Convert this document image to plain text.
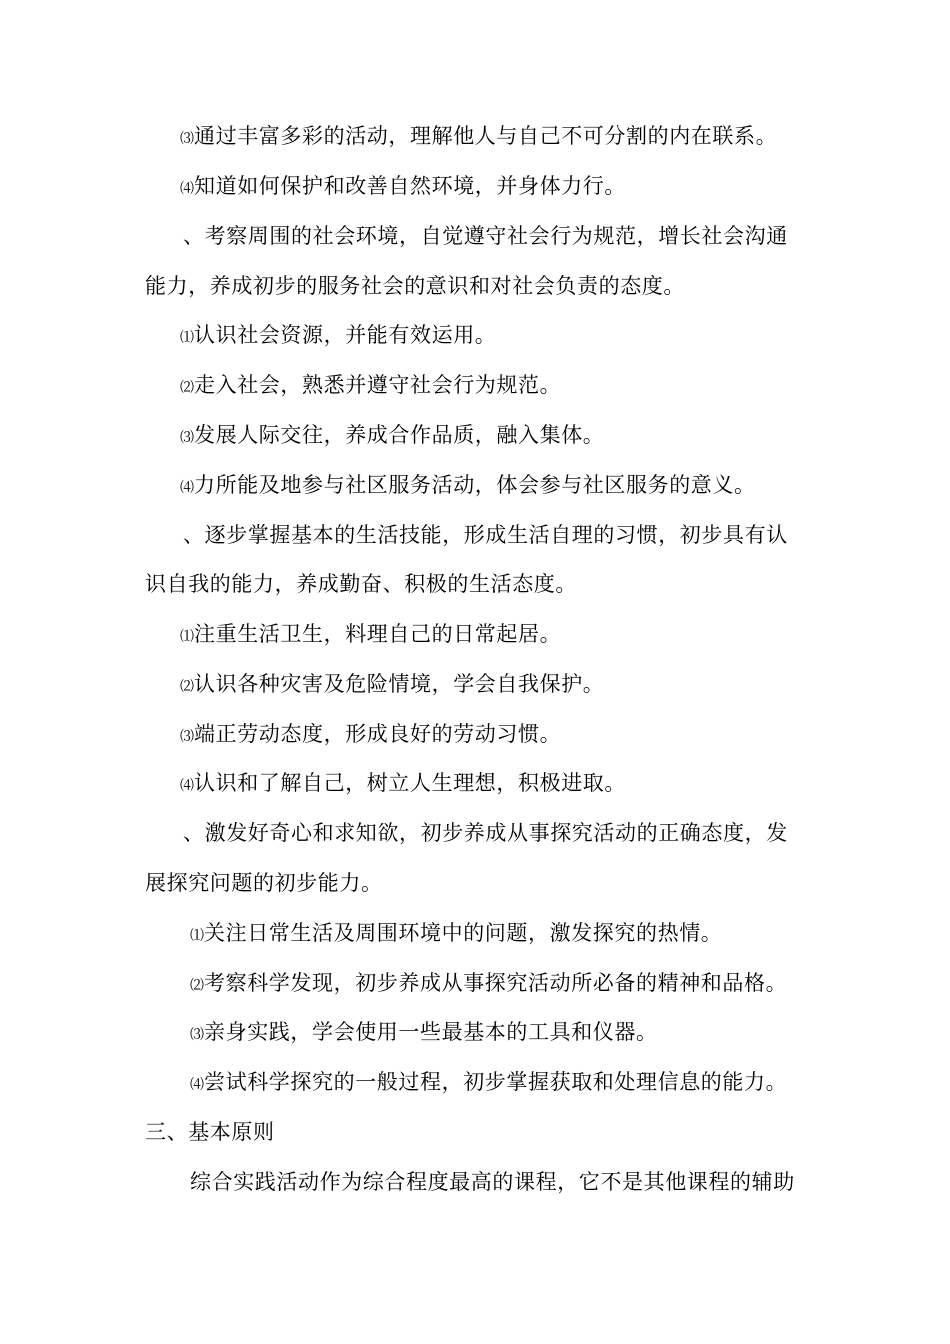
⑶通过丰富多彩的活动，理解他人与自己不可分割的内在联系。
⑷知道如何保护和改善自然环境，并身体力行。
、考察周围的社会环境，自觉遵守社会行为规范，增长社会沟通
能力，养成初步的服务社会的意识和对社会负责的态度。
⑴认识社会资源，并能有效运用。
⑵走入社会，熟悉并遵守社会行为规范。
⑶发展人际交往，养成合作品质，融入集体。
⑷力所能及地参与社区服务活动，体会参与社区服务的意义。
、逐步掌握基本的生活技能，形成生活自理的习惯，初步具有认
识自我的能力，养成勤奋、积极的生活态度。
⑴注重生活卫生，料理自己的日常起居。
⑵认识各种灾害及危险情境，学会自我保护。
⑶端正劳动态度，形成良好的劳动习惯。
⑷认识和了解自己，树立人生理想，积极进取。
、激发好奇心和求知欲，初步养成从事探究活动的正确态度，发
展探究问题的初步能力。
⑴关注日常生活及周围环境中的问题，激发探究的热情。
⑵考察科学发现，初步养成从事探究活动所必备的精神和品格。
⑶亲身实践，学会使用一些最基本的工具和仪器。
⑷尝试科学探究的一般过程，初步掌握获取和处理信息的能力。
三、基本原则
综合实践活动作为综合程度最高的课程，它不是其他课程的辅助
